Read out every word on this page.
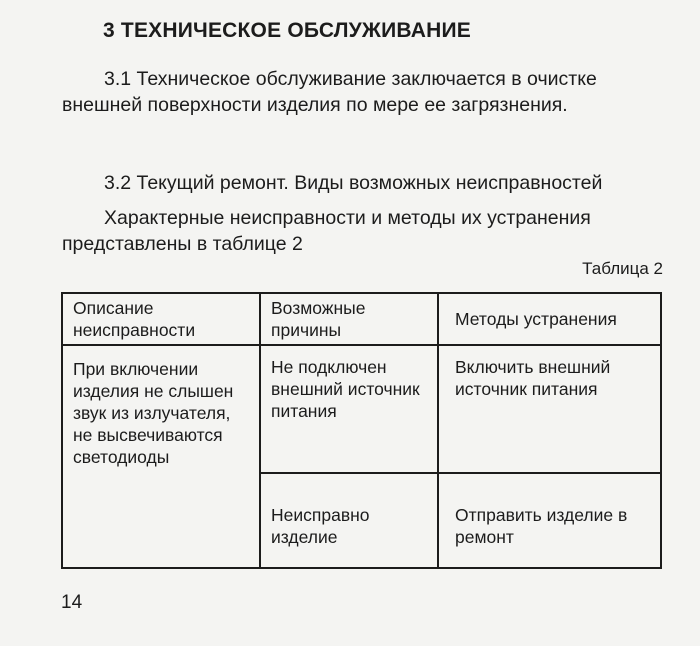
3 ТЕХНИЧЕСКОЕ ОБСЛУЖИВАНИЕ
3.1 Техническое обслуживание заключается в очистке внешней поверхности изделия по мере ее загрязнения.
3.2 Текущий ремонт. Виды возможных неисправностей
Характерные неисправности и методы их устранения представлены в таблице 2
Таблица 2
Описание неисправности	Возможные причины	Методы устранения
При включении изделия не слышен звук из излучателя, не высвечиваются светодиоды	Не подключен внешний источник питания	Включить внешний источник питания
	Неисправно изделие	Отправить изделие в ремонт
14
